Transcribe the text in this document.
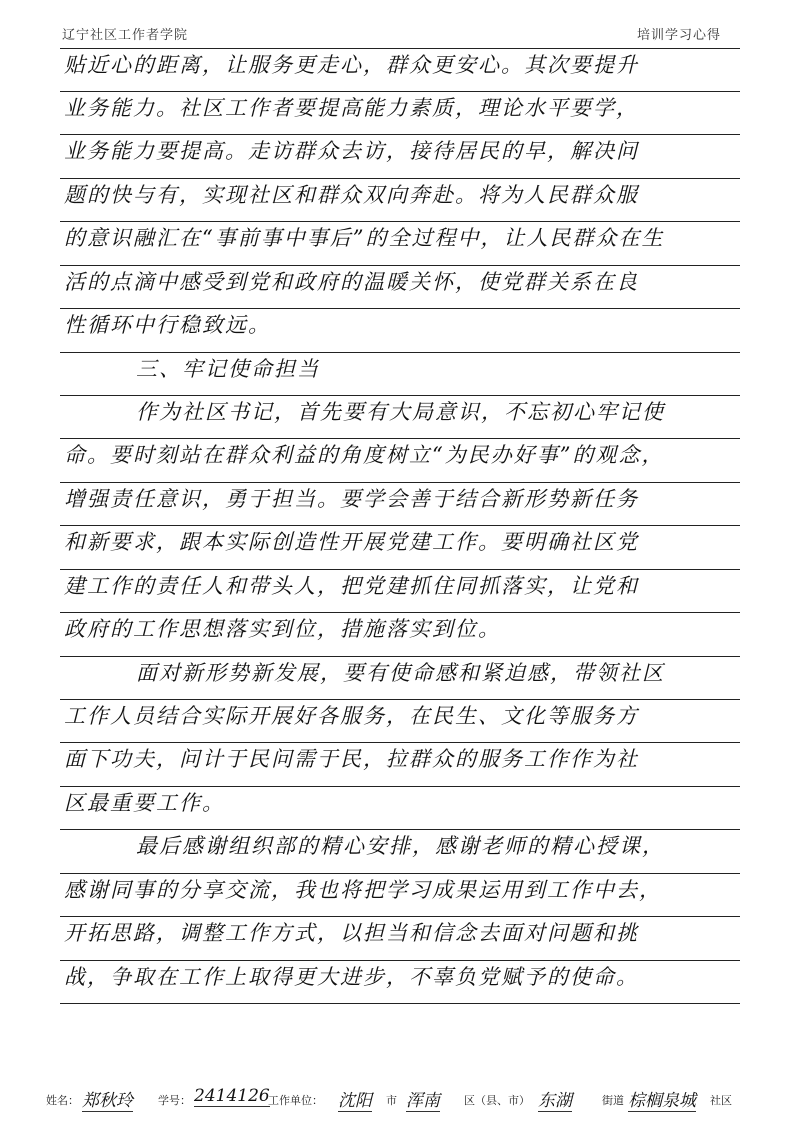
辽宁社区工作者学院	培训学习心得
贴近心的距离，让服务更走心，群众更安心。其次要提升
业务能力。社区工作者要提高能力素质，理论水平要学，
业务能力要提高。走访群众去访，接待居民的早，解决问
题的快与有，实现社区和群众双向奔赴。将为人民群众服
的意识融汇在“事前事中事后”的全过程中，让人民群众在生
活的点滴中感受到党和政府的温暖关怀，使党群关系在良
性循环中行稳致远。
三、牢记使命担当
作为社区书记，首先要有大局意识，不忘初心牢记使
命。要时刻站在群众利益的角度树立“为民办好事”的观念，
增强责任意识，勇于担当。要学会善于结合新形势新任务
和新要求，跟本实际创造性开展党建工作。要明确社区党
建工作的责任人和带头人，把党建抓住同抓落实，让党和
政府的工作思想落实到位，措施落实到位。
面对新形势新发展，要有使命感和紧迫感，带领社区
工作人员结合实际开展好各服务，在民生、文化等服务方
面下功夫，问计于民问需于民，拉群众的服务工作作为社
区最重要工作。
最后感谢组织部的精心安排，感谢老师的精心授课，
感谢同事的分享交流，我也将把学习成果运用到工作中去，
开拓思路，调整工作方式，以担当和信念去面对问题和挑
战，争取在工作上取得更大进步，不辜负党赋予的使命。
姓名： 郑秋玲 学号： 2414126
工作单位： 沈阳 市 浑南 区（县、市） 东湖	街道 棕榈泉城 社区
